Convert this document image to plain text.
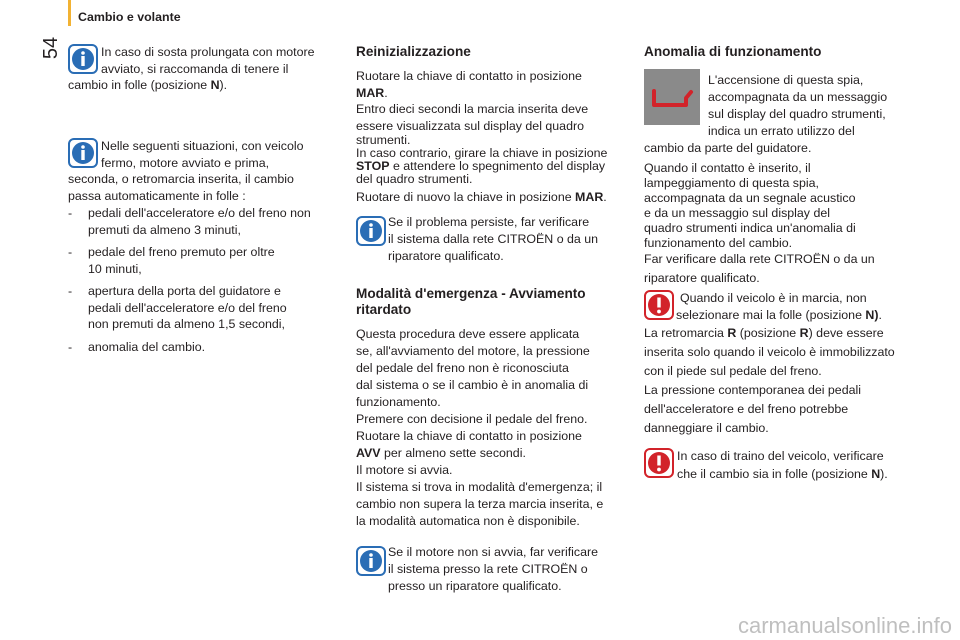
Cambio e volante
54	In caso di sosta prolungata con motore

avviato, si raccomanda di tenere il

cambio in folle (posizione N).

Nelle seguenti situazioni, con veicolo

fermo, motore avviato e prima,

seconda, o retromarcia inserita, il cambio

passa automaticamente in folle :

- pedali dell'acceleratore e/o del freno non

premuti da almeno 3 minuti,

- pedale del freno premuto per oltre

10 minuti,

- apertura della porta del guidatore e

pedali dell'acceleratore e/o del freno

non premuti da almeno 1,5 secondi,

- anomalia del cambio.

Reinizializzazione

Ruotare la chiave di contatto in posizione

MAR.

Entro dieci secondi la marcia inserita deve

essere visualizzata sul display del quadro

strumenti.

In caso contrario, girare la chiave in posizione

STOP e attendere lo spegnimento del display

del quadro strumenti.

Ruotare di nuovo la chiave in posizione MAR.

Se il problema persiste, far verificare

il sistema dalla rete CITROËN o da un

riparatore qualificato.

Modalità d'emergenza - Avviamento
ritardato

Questa procedura deve essere applicata

se, all'avviamento del motore, la pressione

del pedale del freno non è riconosciuta

dal sistema o se il cambio è in anomalia di

funzionamento.

Premere con decisione il pedale del freno.

Ruotare la chiave di contatto in posizione

AVV per almeno sette secondi.

Il motore si avvia.

Il sistema si trova in modalità d'emergenza; il

cambio non supera la terza marcia inserita, e

la modalità automatica non è disponibile.

Se il motore non si avvia, far verificare

il sistema presso la rete CITROËN o

presso un riparatore qualificato.

Anomalia di funzionamento

L'accensione di questa spia,

accompagnata da un messaggio

sul display del quadro strumenti,

indica un errato utilizzo del

cambio da parte del guidatore.

Quando il contatto è inserito, il

lampeggiamento di questa spia,

accompagnata da un segnale acustico

e da un messaggio sul display del

quadro strumenti indica un'anomalia di

funzionamento del cambio.

Far verificare dalla rete CITROËN o da un

riparatore qualificato.

Quando il veicolo è in marcia, non

selezionare mai la folle (posizione N).

La retromarcia R (posizione R) deve essere

inserita solo quando il veicolo è immobilizzato

con il piede sul pedale del freno.

La pressione contemporanea dei pedali

dell'acceleratore e del freno potrebbe

danneggiare il cambio.

In caso di traino del veicolo, verificare

che il cambio sia in folle (posizione N).

carmanualsonline.info
